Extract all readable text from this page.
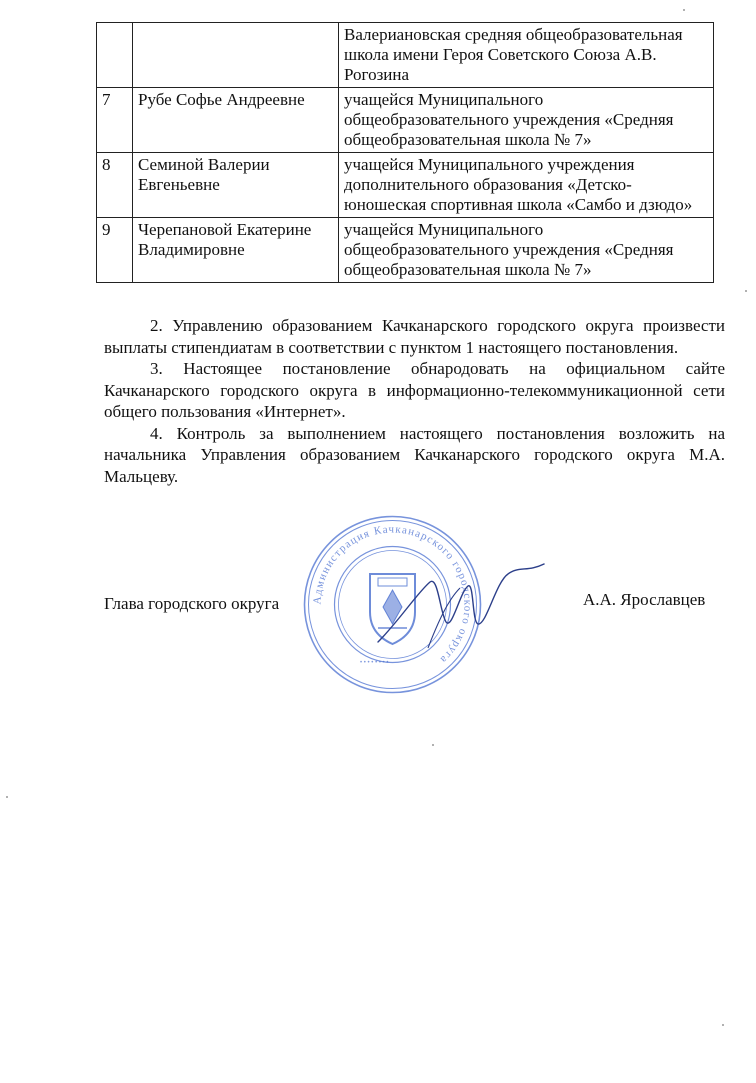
		Валериановская средняя общеобразовательная школа имени Героя Советского Союза А.В. Рогозина
7	Рубе Софье Андреевне	учащейся Муниципального общеобразовательного учреждения «Средняя общеобразовательная школа № 7»
8	Семиной Валерии Евгеньевне	учащейся Муниципального учреждения дополнительного образования «Детско-юношеская спортивная школа «Самбо и дзюдо»
9	Черепановой Екатерине Владимировне	учащейся Муниципального общеобразовательного учреждения «Средняя общеобразовательная школа № 7»

2. Управлению образованием Качканарского городского округа произвести выплаты стипендиатам в соответствии с пунктом 1 настоящего постановления.

3. Настоящее постановление обнародовать на официальном сайте Качканарского городского округа в информационно-телекоммуникационной сети общего пользования «Интернет».

4. Контроль за выполнением настоящего постановления возложить на начальника Управления образованием Качканарского городского округа М.А. Мальцеву.

Администрация Качканарского городского округа
• • • • • • • •
Глава городского округа	А.А. Ярославцев
